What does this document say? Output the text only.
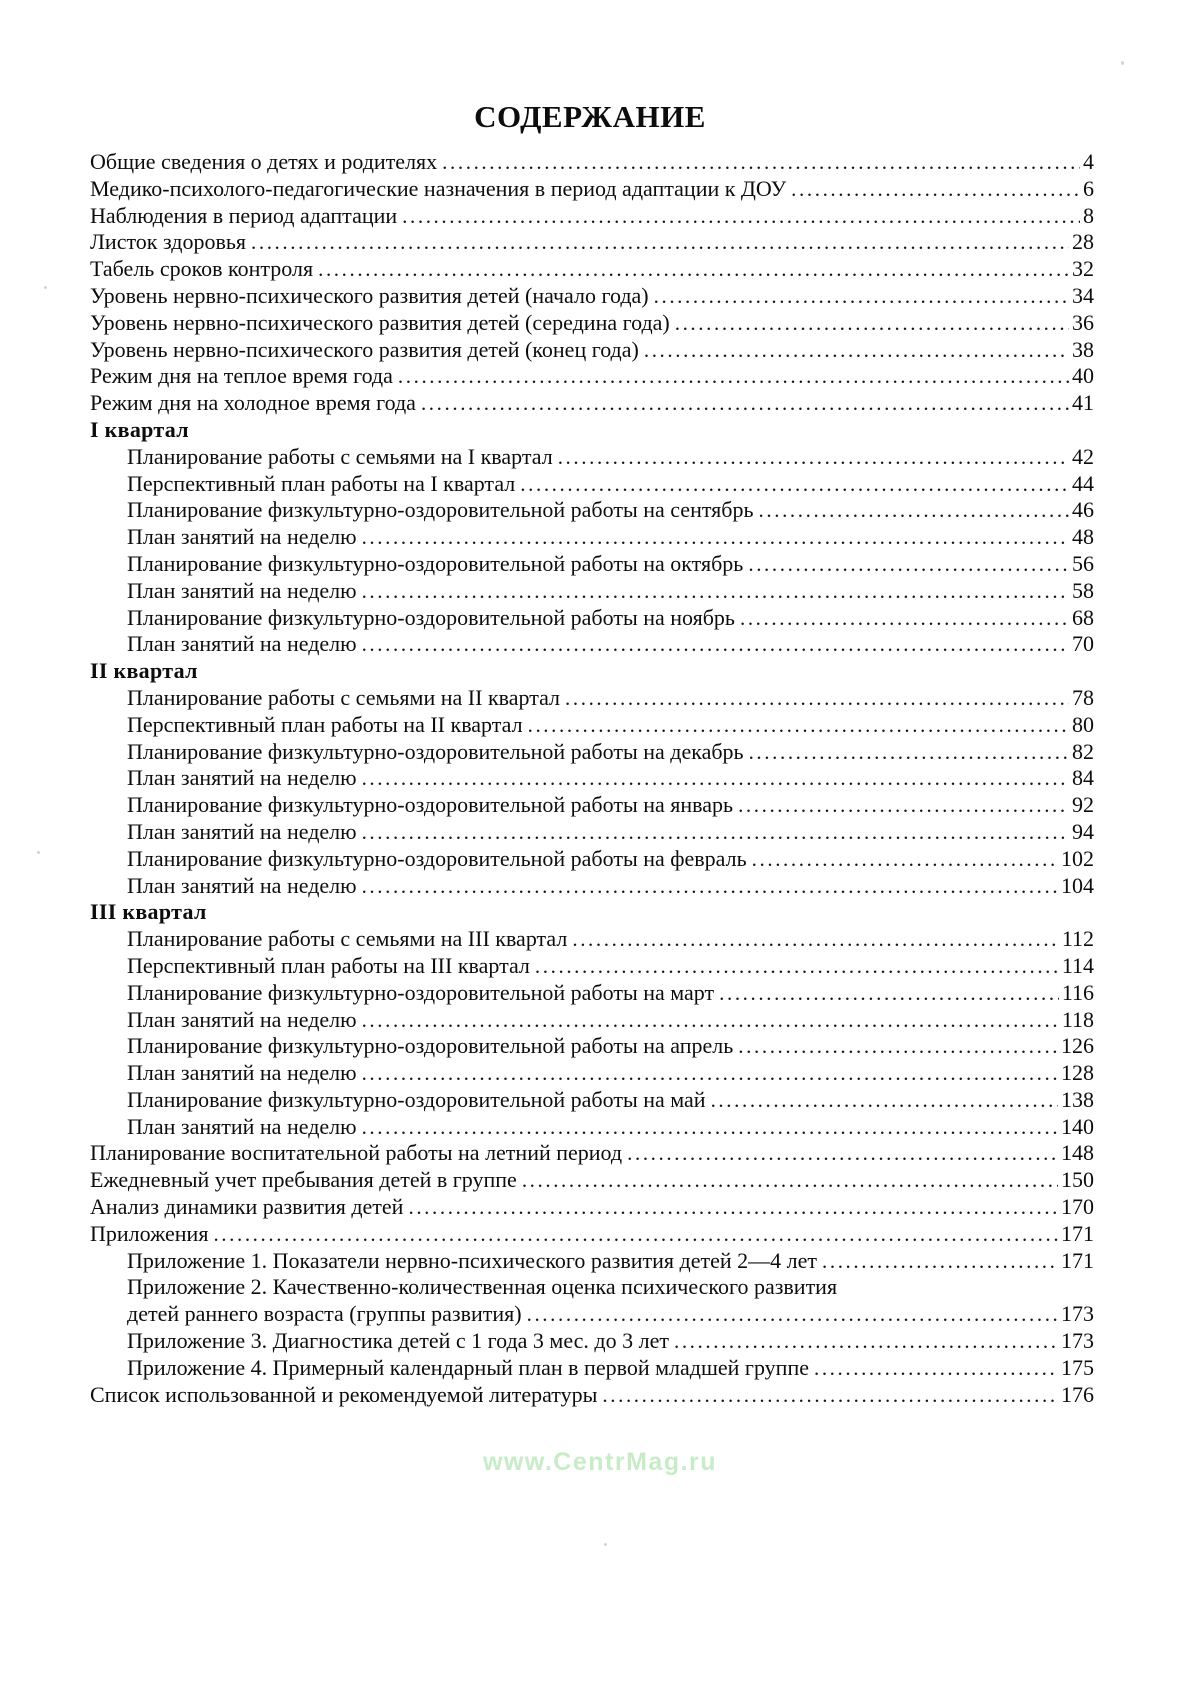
СОДЕРЖАНИЕ
Общие сведения о детях и родителях .....	4
Медико-психолого-педагогические назначения в период адаптации к ДОУ .....	6
Наблюдения в период адаптации .....	8
Листок здоровья .....	28
Табель сроков контроля .....	32
Уровень нервно-психического развития детей (начало года) .....	34
Уровень нервно-психического развития детей (середина года) .....	36
Уровень нервно-психического развития детей (конец года) .....	38
Режим дня на теплое время года .....	40
Режим дня на холодное время года .....	41
I квартал
Планирование работы с семьями на I квартал .....	42
Перспективный план работы на I квартал .....	44
Планирование физкультурно-оздоровительной работы на сентябрь .....	46
План занятий на неделю .....	48
Планирование физкультурно-оздоровительной работы на октябрь .....	56
План занятий на неделю .....	58
Планирование физкультурно-оздоровительной работы на ноябрь .....	68
План занятий на неделю .....	70
II квартал
Планирование работы с семьями на II квартал .....	78
Перспективный план работы на II квартал .....	80
Планирование физкультурно-оздоровительной работы на декабрь .....	82
План занятий на неделю .....	84
Планирование физкультурно-оздоровительной работы на январь .....	92
План занятий на неделю .....	94
Планирование физкультурно-оздоровительной работы на февраль .....	102
План занятий на неделю .....	104
III квартал
Планирование работы с семьями на III квартал .....	112
Перспективный план работы на III квартал .....	114
Планирование физкультурно-оздоровительной работы на март .....	116
План занятий на неделю .....	118
Планирование физкультурно-оздоровительной работы на апрель .....	126
План занятий на неделю .....	128
Планирование физкультурно-оздоровительной работы на май .....	138
План занятий на неделю .....	140
Планирование воспитательной работы на летний период .....	148
Ежедневный учет пребывания детей в группе .....	150
Анализ динамики развития детей .....	170
Приложения .....	171
Приложение 1. Показатели нервно-психического развития детей 2—4 лет .....	171
Приложение 2. Качественно-количественная оценка психического развития
детей раннего возраста (группы развития) .....	173
Приложение 3. Диагностика детей с 1 года 3 мес. до 3 лет .....	173
Приложение 4. Примерный календарный план в первой младшей группе .....	175
Список использованной и рекомендуемой литературы .....	176
www.CentrMag.ru
